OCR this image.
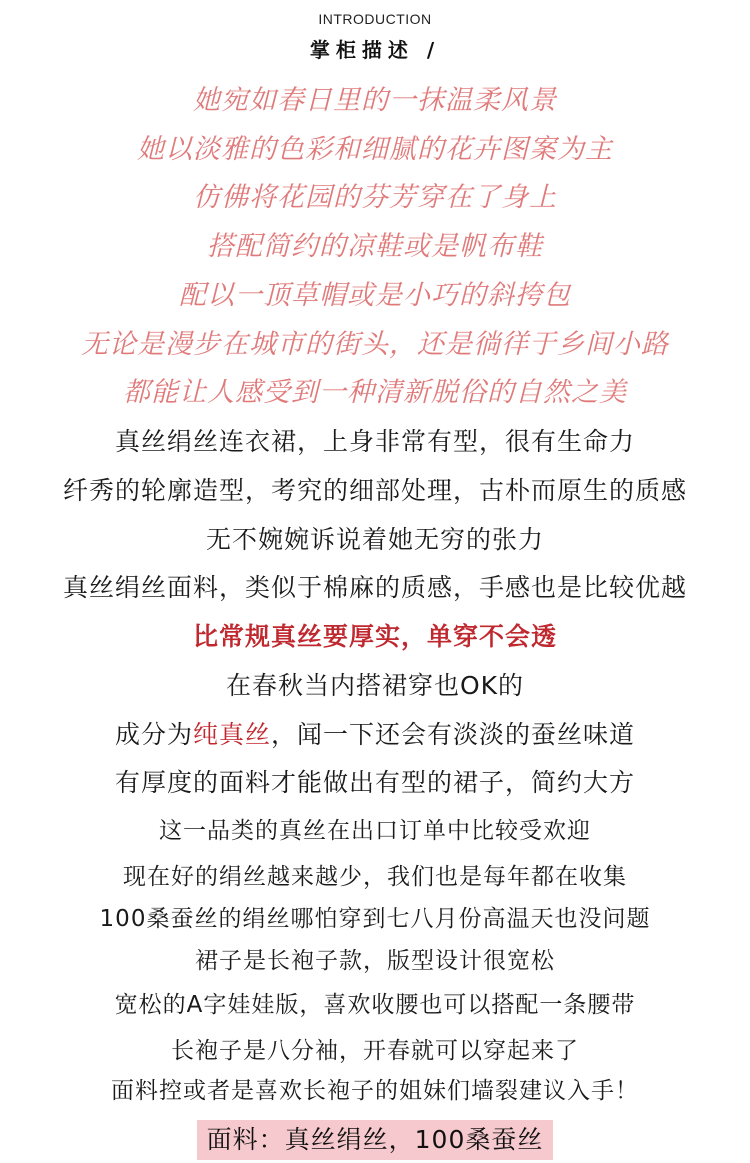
INTRODUCTION
掌柜描述 /
她宛如春日里的一抹温柔风景
她以淡雅的色彩和细腻的花卉图案为主
仿佛将花园的芬芳穿在了身上
搭配简约的凉鞋或是帆布鞋
配以一顶草帽或是小巧的斜挎包
无论是漫步在城市的街头，还是徜徉于乡间小路
都能让人感受到一种清新脱俗的自然之美
真丝绢丝连衣裙，上身非常有型，很有生命力
纤秀的轮廓造型，考究的细部处理，古朴而原生的质感
无不婉婉诉说着她无穷的张力
真丝绢丝面料，类似于棉麻的质感，手感也是比较优越
比常规真丝要厚实，单穿不会透
在春秋当内搭裙穿也OK的
成分为纯真丝，闻一下还会有淡淡的蚕丝味道
有厚度的面料才能做出有型的裙子，简约大方
这一品类的真丝在出口订单中比较受欢迎
现在好的绢丝越来越少，我们也是每年都在收集
100桑蚕丝的绢丝哪怕穿到七八月份高温天也没问题
裙子是长袍子款，版型设计很宽松
宽松的A字娃娃版，喜欢收腰也可以搭配一条腰带
长袍子是八分袖，开春就可以穿起来了
面料控或者是喜欢长袍子的姐妹们墙裂建议入手！
面料：真丝绢丝，100桑蚕丝
